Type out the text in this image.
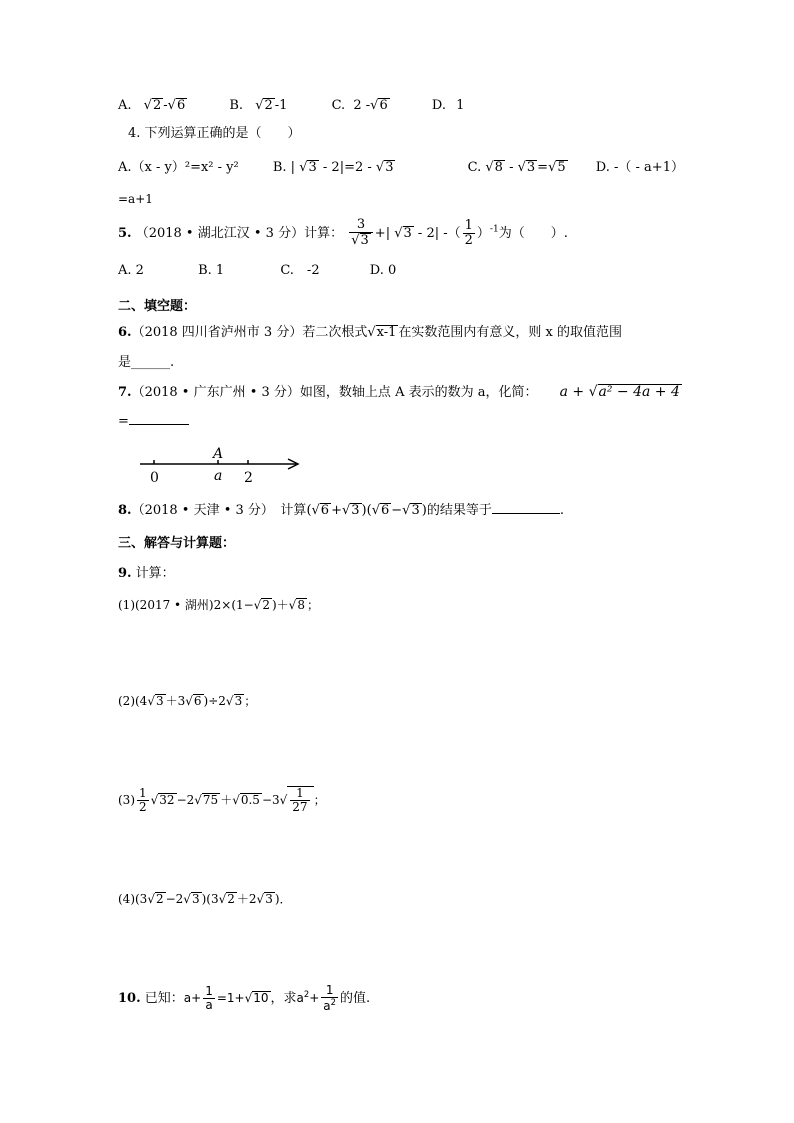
A. √2 -√6	B. √2 -1	C. 2 -√6	D. 1
4. 下列运算正确的是（　　）
A.（x - y）²=x² - y²	B. | √3 - 2|=2 - √3	C. √8 - √3 =√5 D. -（ - a+1）
=a+1
5. （2018 • 湖北江汉 • 3 分）计算： $\frac{3}{√3}$ +| √3 - 2| -（ $\frac{1}{2} )^{-1}$为（　　）.
A. 2	B. 1	C.　-2	D. 0
二、填空题：
6.（2018 四川省泸州市 3 分）若二次根式√x-1 在实数范围内有意义，则 x 的取值范围
是______.
7.（2018 • 广东广州 • 3 分）如图，数轴上点 A 表示的数为 a，化简： a + √a² − 4a + 4
=
A
a
0	2
8.（2018 • 天津 • 3 分）　计算(√6 +√3 )(√6 −√3 )的结果等于	.
三、解答与计算题：
9. 计算：
(1)(2017 • 湖州)2×(1−√2 )＋√8 ；
(2)(4√3 ＋3√6 )÷2√3 ；
$(3) \frac{1}{2} √32 -2√75 +√0.5 -3√ \frac{1}{27}$ ；
(4)(3√2 −2√3 )(3√2 ＋2√3 )．
10. 已知：$a+ \frac{1}{a} =1+√10$ ，求$a^2+ \frac{1}{a^2}$ 的值.
